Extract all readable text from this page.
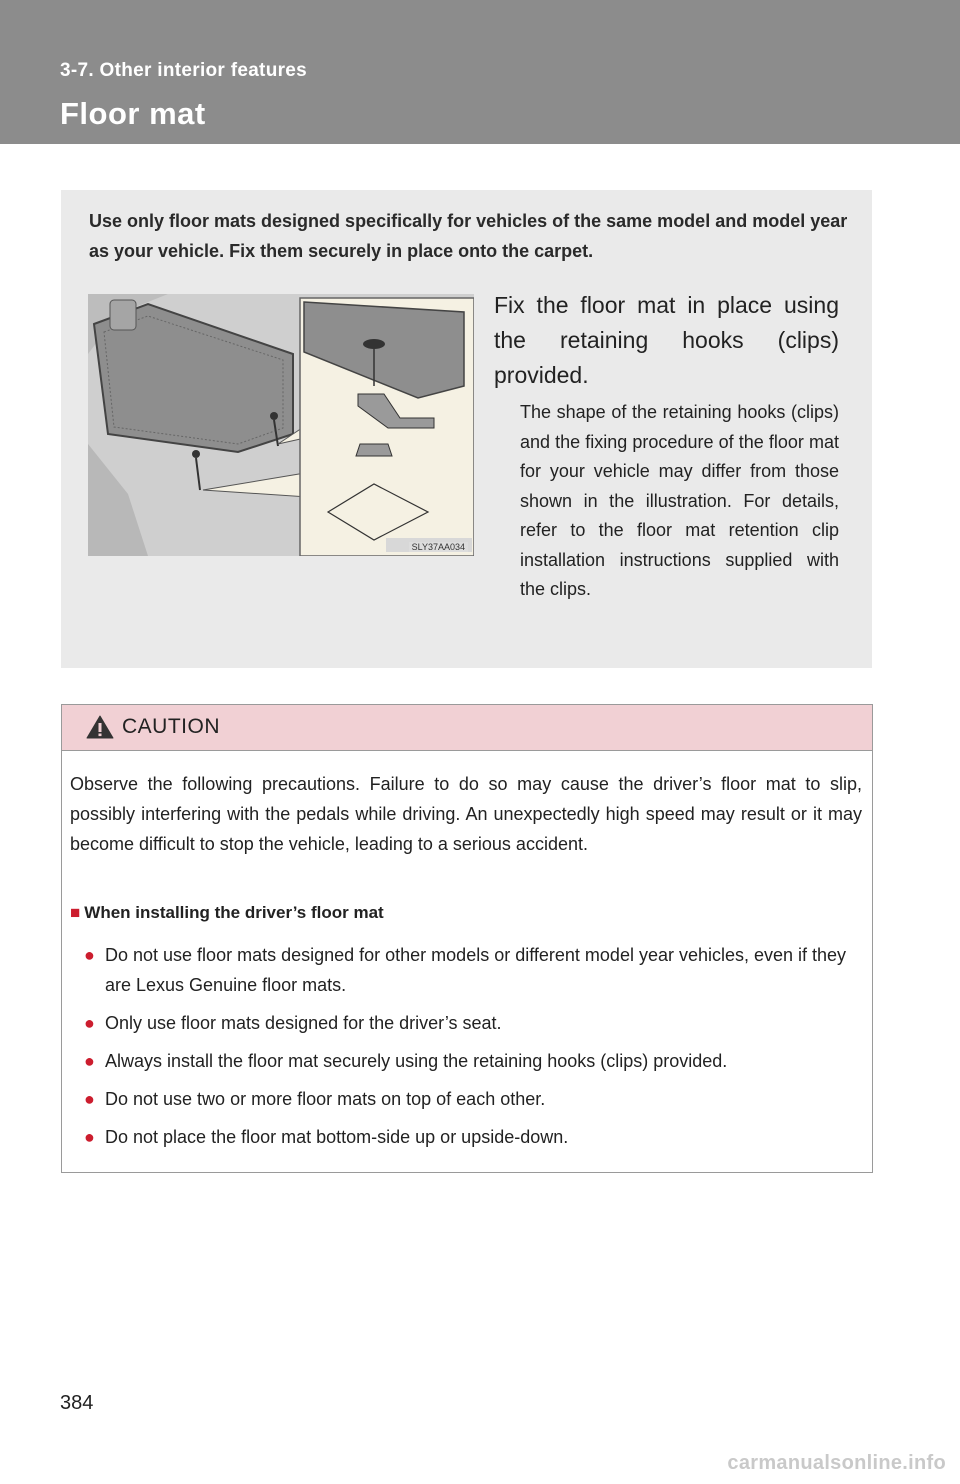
3-7. Other interior features
Floor mat
Use only floor mats designed specifically for vehicles of the same model and model year as your vehicle. Fix them securely in place onto the carpet.
SLY37AA034
Fix the floor mat in place using the retaining hooks (clips) provided.
The shape of the retaining hooks (clips) and the fixing procedure of the floor mat for your vehicle may differ from those shown in the illustration. For details, refer to the floor mat retention clip installation instructions supplied with the clips.
CAUTION
Observe the following precautions. Failure to do so may cause the driver’s floor mat to slip, possibly interfering with the pedals while driving. An unexpectedly high speed may result or it may become difficult to stop the vehicle, leading to a serious accident.
■ When installing the driver’s floor mat
● Do not use floor mats designed for other models or different model year vehicles, even if they are Lexus Genuine floor mats.
● Only use floor mats designed for the driver’s seat.
● Always install the floor mat securely using the retaining hooks (clips) provided.
● Do not use two or more floor mats on top of each other.
● Do not place the floor mat bottom-side up or upside-down.
384
carmanualsonline.info
